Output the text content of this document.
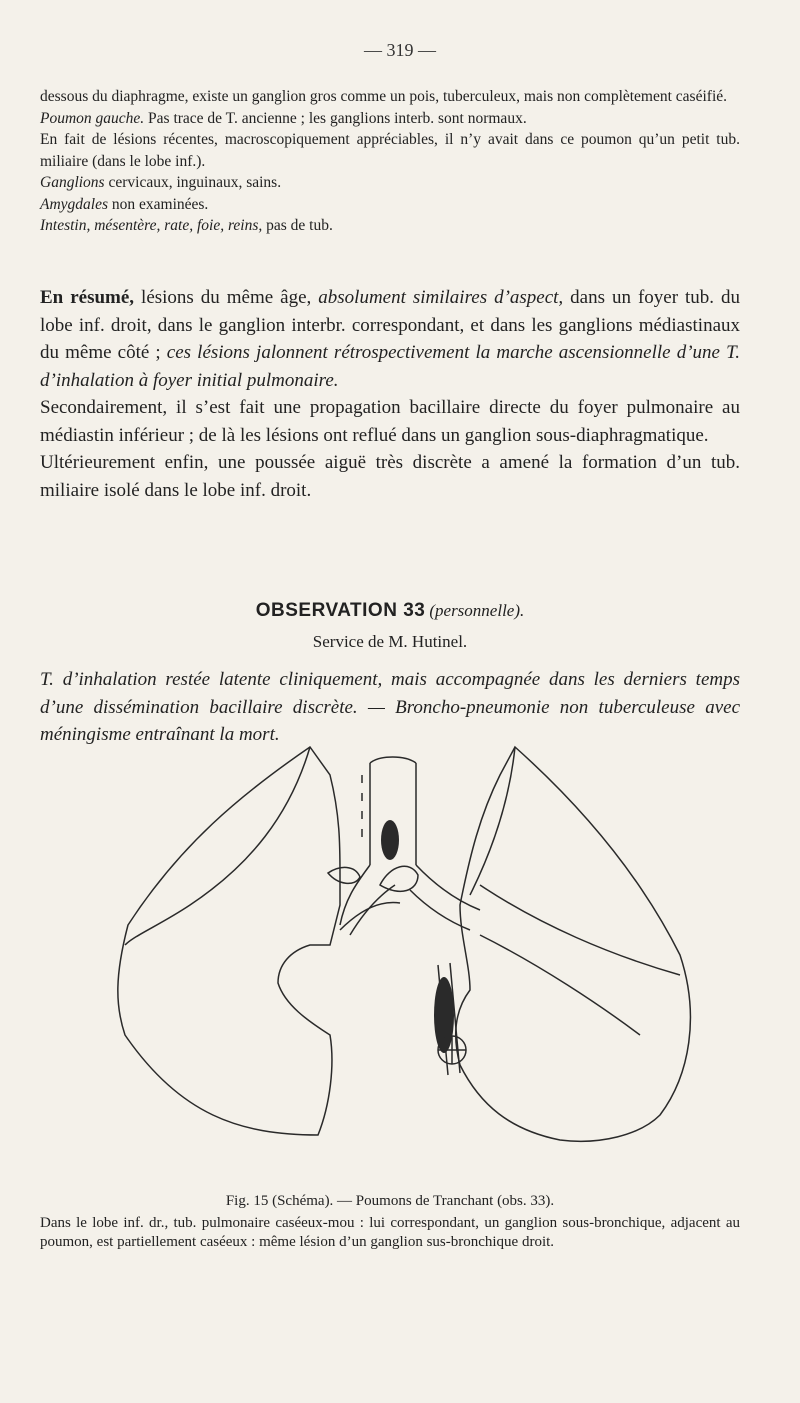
— 319 —

dessous du diaphragme, existe un ganglion gros comme un pois, tuberculeux, mais non complètement caséifié.

Poumon gauche. Pas trace de T. ancienne ; les ganglions interb. sont normaux.

En fait de lésions récentes, macroscopiquement appréciables, il n’y avait dans ce poumon qu’un petit tub. miliaire (dans le lobe inf.).

Ganglions cervicaux, inguinaux, sains.

Amygdales non examinées.

Intestin, mésentère, rate, foie, reins, pas de tub.

En résumé, lésions du même âge, absolument similaires d’aspect, dans un foyer tub. du lobe inf. droit, dans le ganglion interbr. correspondant, et dans les ganglions médiastinaux du même côté ; ces lésions jalonnent rétrospectivement la marche ascensionnelle d’une T. d’inhalation à foyer initial pulmonaire.

Secondairement, il s’est fait une propagation bacillaire directe du foyer pulmonaire au médiastin inférieur ; de là les lésions ont reflué dans un ganglion sous-diaphragmatique.

Ultérieurement enfin, une poussée aiguë très discrète a amené la formation d’un tub. miliaire isolé dans le lobe inf. droit.

OBSERVATION 33 (personnelle).
Service de M. Hutinel.
T. d’inhalation restée latente cliniquement, mais accompagnée dans les derniers temps d’une dissémination bacillaire discrète. — Broncho-pneumonie non tuberculeuse avec méningisme entraînant la mort.
Fig. 15 (Schéma). — Poumons de Tranchant (obs. 33).
Dans le lobe inf. dr., tub. pulmonaire caséeux-mou : lui correspondant, un ganglion sous-bronchique, adjacent au poumon, est partiellement caséeux : même lésion d’un ganglion sus-bronchique droit.
